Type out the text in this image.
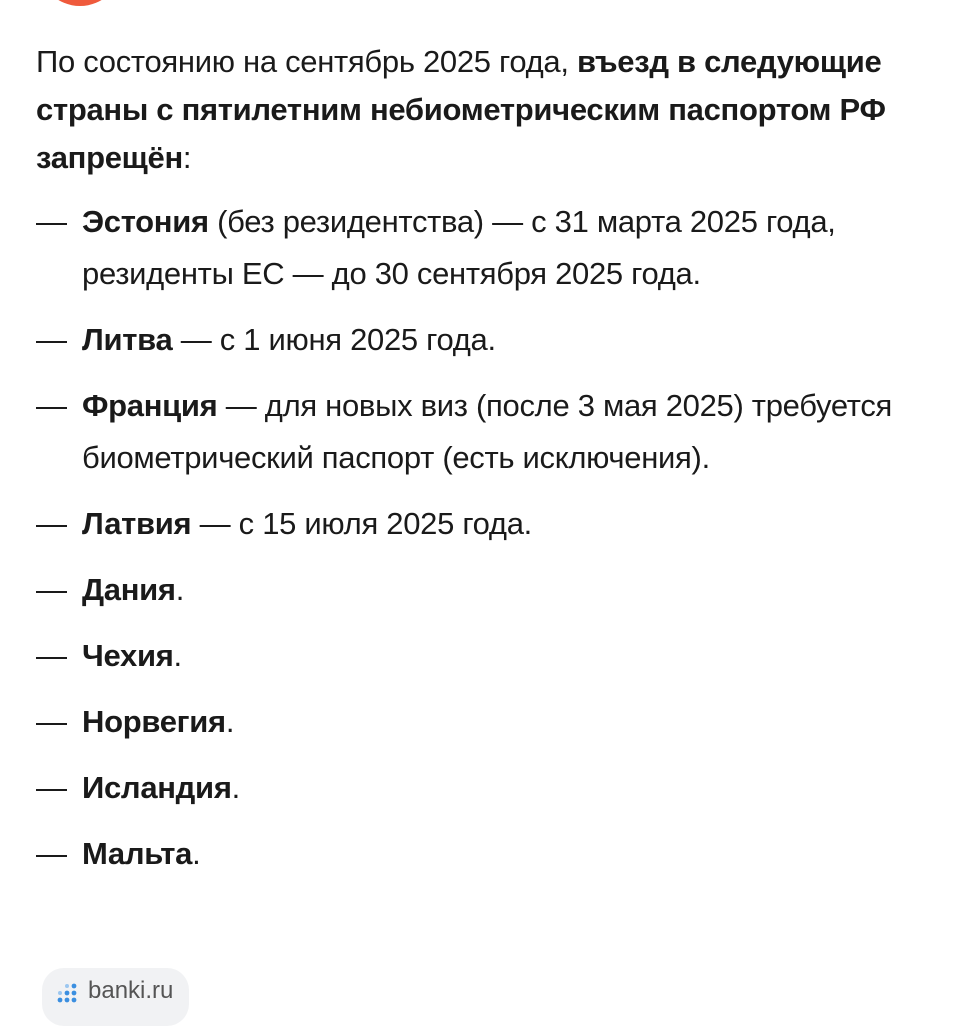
По состоянию на сентябрь 2025 года, въезд в следующие страны с пятилетним небиометрическим паспортом РФ запрещён:

— Эстония (без резидентства) — с 31 марта 2025 года, резиденты ЕС — до 30 сентября 2025 года.
— Литва — с 1 июня 2025 года.
— Франция — для новых виз (после 3 мая 2025) требуется биометрический паспорт (есть исключения).
— Латвия — с 15 июля 2025 года.
— Дания.
— Чехия.
— Норвегия.
— Исландия.
— Мальта.
banki.ru
